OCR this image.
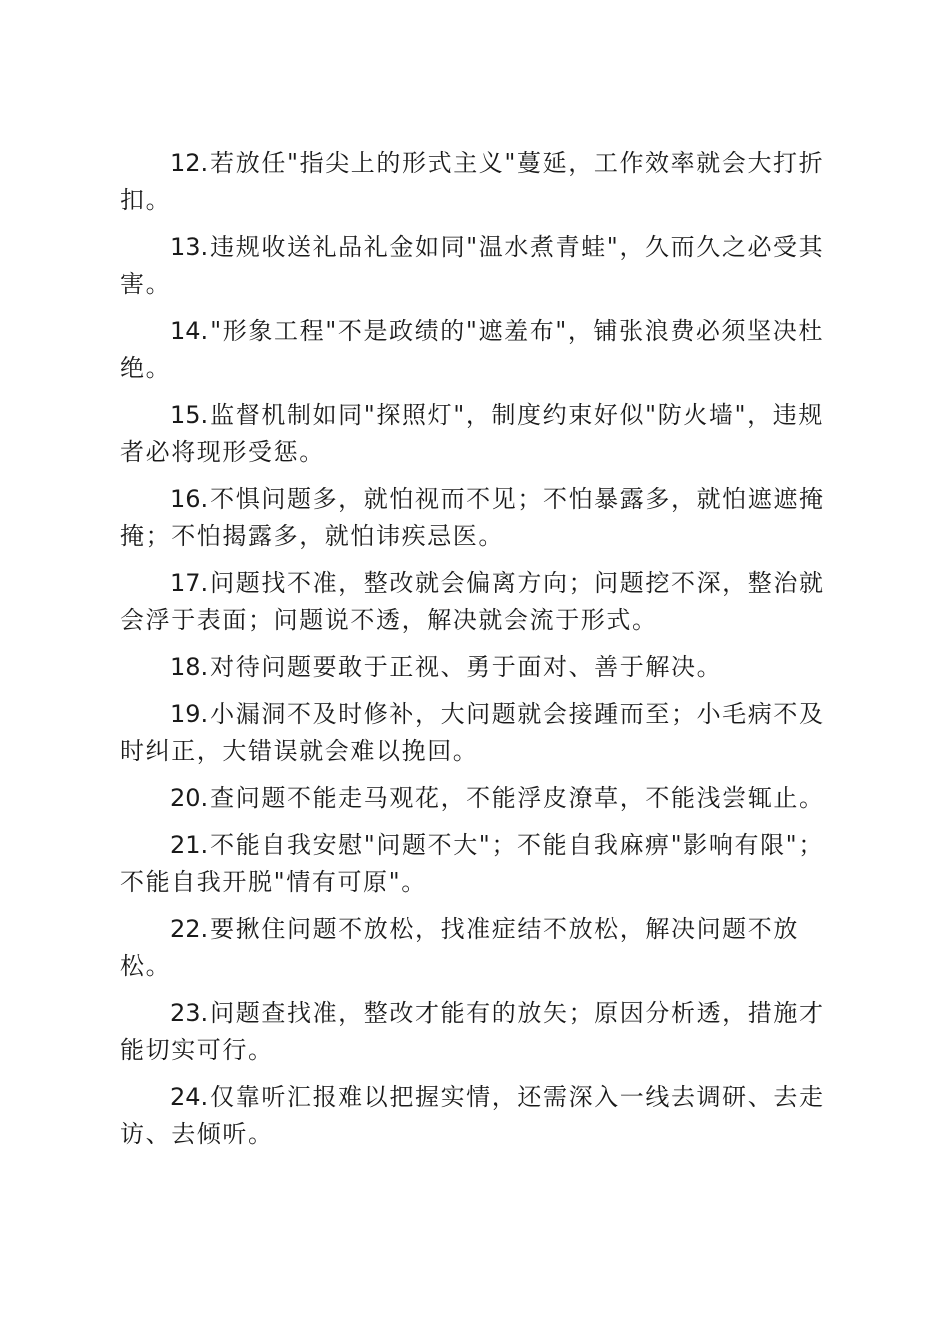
12.若放任"指尖上的形式主义"蔓延，工作效率就会大打折扣。

13.违规收送礼品礼金如同"温水煮青蛙"，久而久之必受其害。

14."形象工程"不是政绩的"遮羞布"，铺张浪费必须坚决杜绝。

15.监督机制如同"探照灯"，制度约束好似"防火墙"，违规者必将现形受惩。

16.不惧问题多，就怕视而不见；不怕暴露多，就怕遮遮掩掩；不怕揭露多，就怕讳疾忌医。

17.问题找不准，整改就会偏离方向；问题挖不深，整治就会浮于表面；问题说不透，解决就会流于形式。

18.对待问题要敢于正视、勇于面对、善于解决。

19.小漏洞不及时修补，大问题就会接踵而至；小毛病不及时纠正，大错误就会难以挽回。

20.查问题不能走马观花，不能浮皮潦草，不能浅尝辄止。

21.不能自我安慰"问题不大"；不能自我麻痹"影响有限"；不能自我开脱"情有可原"。

22.要揪住问题不放松，找准症结不放松，解决问题不放松。

23.问题查找准，整改才能有的放矢；原因分析透，措施才能切实可行。

24.仅靠听汇报难以把握实情，还需深入一线去调研、去走访、去倾听。
